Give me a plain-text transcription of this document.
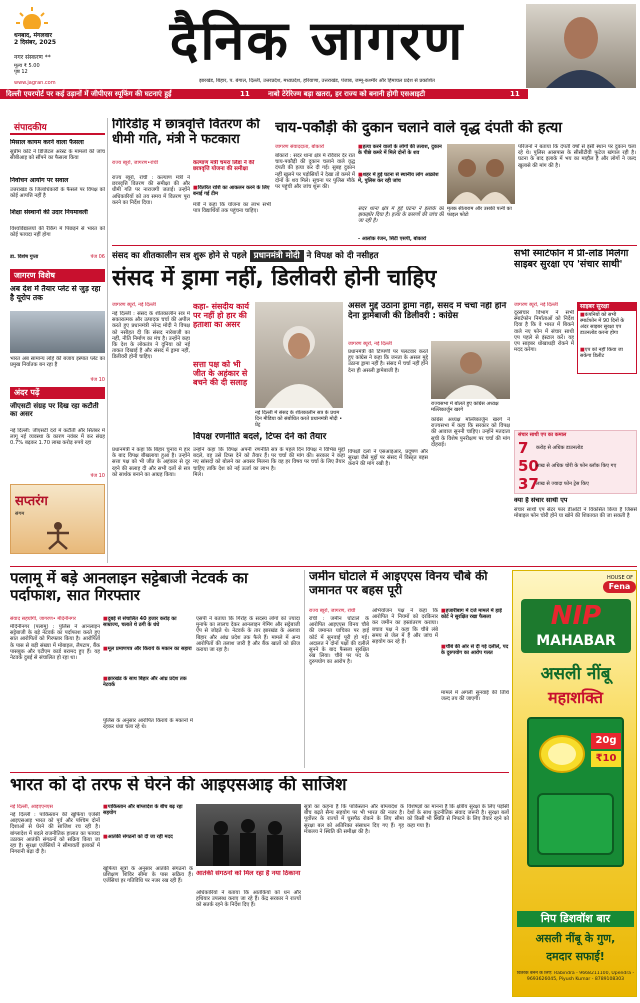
धनबाद, मंगलवार
2 दिसंबर, 2025
नगर संस्करण **
मूल्य ₹ 5.00
पृष्ठ 12
www.jagran.com
दैनिक जागरण
झारखंड, बिहार, प. बंगाल, दिल्ली, उत्तरप्रदेश, मध्यप्रदेश, हरियाणा, उत्तराखंड, पंजाब, जम्मू-कश्मीर और हिमाचल प्रदेश से प्रकाशित
दिल्ली एयरपोर्ट पर कई उड़ानों में जीपीएस स्पूफिंग की घटनाएं हुईं	11	नाबो टेरेरिज्म बड़ा खतरा, हर राज्य को बनानी होगी एसआइटी	11
संपादकीय
मिसाल कायम करने वाला फैसला
सुप्रीम कोर्ट ने डिजिटल अरेस्ट के मामलों की जांच सीबीआइ को सौंपने का फैसला किया
निर्वाचन आयोग पर सवाल
उत्तराखंड के जिलाधिकारी के फैसले पर विपक्ष को कोई आपत्ति नहीं है
शिक्षा संस्थानों की उदार नियमावली
विश्वविद्यालयों की रैंकिंग में पिछड़ने से भारत को कोई फायदा नहीं होगा
डा. विशेष गुप्ता	पेज 06
जागरण विशेष
अब देश में तैयार प्लेट से जुड़ रहा है यूरोप तक
भारत अब सामान्य लोहे की बजाय इस्पात प्लेट का प्रमुख निर्यातक बन रहा है
पेज 10
अंदर पढ़ें
जीएसटी संग्रह पर दिख रहा कटौती का असर
नई दिल्ली: जीएसटी दरों में कटौती और सितंबर में लागू नई व्यवस्था के कारण नवंबर में कर संग्रह 0.7% बढ़कर 1.70 लाख करोड़ रुपये रहा
पेज 10
सप्तरंग
संगम
गिरिडीह में छात्रवृत्ति वितरण की धीमी गति, मंत्री ने फटकारा
राज्य ब्यूरो, जागरण•रांची
राज्य ब्यूरो, रांची : कल्याण मंत्री ने छात्रवृत्ति वितरण की समीक्षा की और धीमी गति पर नाराजगी जताई। उन्होंने अधिकारियों को तय समय में वितरण पूरा करने का निर्देश दिया।
कल्याण मंत्री चमरा लिंडा ने की छात्रवृत्ति योजना की समीक्षा
■ वितरित राशि का आकलन करने के लिए बनाई गई टीम
मंत्री ने कहा कि योजना का लाभ सभी पात्र विद्यार्थियों तक पहुंचना चाहिए।
चाय-पकौड़ी की दुकान चलाने वाले वृद्ध दंपती की हत्या
जागरण संवाददाता, बोकारो
बोकारो : सदर थाना क्षेत्र में रविवार देर रात चाय-पकौड़ी की दुकान चलाने वाले वृद्ध दंपती की हत्या कर दी गई। सुबह दुकान नहीं खुलने पर पड़ोसियों ने देखा तो कमरे में दोनों के शव मिले। सूचना पर पुलिस मौके पर पहुंची और जांच शुरू की।
■ हत्या करने वालों के लोगों की तलाश, दुकान के पीछे कमरे में मिले दोनों के शव
■ शहर में हुई घटना से स्थानीय लोग आक्रोश में, पुलिस कर रही जांच
मृतक सीताराम और उसकी पत्नी का फाइल फोटो
सदर थाना क्षेत्र में हुई घटना ने इलाके को झकझोर दिया है। हत्या के कारणों की जांच की जा रही है।
- आलोक रंजन, सिटी एसपी, बोकारो
परिजनों ने बताया कि दंपती वर्षों से इसी स्थान पर दुकान चला रहे थे। पुलिस आसपास के सीसीटीवी फुटेज खंगाल रही है। घटना के बाद इलाके में भय का माहौल है और लोगों ने जल्द खुलासे की मांग की है।
संसद का शीतकालीन सत्र शुरू होने से पहले प्रधानमंत्री मोदी ने विपक्ष को दी नसीहत
संसद में ड्रामा नहीं, डिलीवरी होनी चाहिए
जागरण ब्यूरो, नई दिल्ली
नई दिल्ली : संसद के शीतकालीन सत्र में सकारात्मक और उत्पादक चर्चा की अपील करते हुए प्रधानमंत्री नरेन्द्र मोदी ने विपक्ष को नसीहत दी कि संसद नारेबाजी का नहीं, नीति निर्माण का मंच है। उन्होंने कहा कि देश के लोकतंत्र ने दुनिया को नई ताकत दिखाई है और संसद में ड्रामा नहीं, डिलीवरी होनी चाहिए।
कहा- संसदीय कार्य पर नहीं हो हार की हताशा का असर
सत्ता पक्ष को भी जीत के अहंकार से बचने की दी सलाह
नई दिल्ली में संसद के शीतकालीन सत्र के प्रथम दिन मीडिया को संबोधित करते प्रधानमंत्री मोदी • प्रेट्र
विपक्ष रणनीति बदले, टिप्स देने को तैयार
प्रधानमंत्री ने कहा कि बिहार चुनाव में हार के बाद विपक्ष बौखलाया हुआ है। उन्होंने सत्ता पक्ष को भी जीत के अहंकार से दूर रहने की सलाह दी और सभी दलों से सत्र को सार्थक बनाने का आग्रह किया।
उन्होंने कहा कि विपक्ष अपनी रणनीति बदले, वह उसे टिप्स देने को तैयार हैं। नए सांसदों को बोलने का अवसर मिलना चाहिए ताकि देश को नई ऊर्जा का लाभ मिले।
सत्र के पहले दिन विपक्ष ने विभिन्न मुद्दों पर चर्चा की मांग की। सरकार ने कहा कि वह हर विषय पर चर्चा के लिए तैयार है।
असल मुद्दे उठाना ड्रामा नहीं, संसद में चर्चा नहीं होने देना ड्रामेबाजी की डिलीवरी : कांग्रेस
जागरण ब्यूरो, नई दिल्ली
प्रधानमंत्री की टिप्पणी पर पलटवार करते हुए कांग्रेस ने कहा कि जनता के असल मुद्दे उठाना ड्रामा नहीं है। संसद में चर्चा नहीं होने देना ही असली ड्रामेबाजी है।
राज्यसभा में बोलते हुए कांग्रेस अध्यक्ष मल्लिकार्जुन खरगे
कांग्रेस अध्यक्ष मल्लिकार्जुन खरगे ने राज्यसभा में कहा कि सरकार को विपक्ष की आवाज सुननी चाहिए। उन्होंने मतदाता सूची के विशेष पुनरीक्षण पर चर्चा की मांग दोहराई।
विपक्षी दलों ने एसआइआर, प्रदूषण और सुरक्षा जैसे मुद्दों पर संसद में विस्तृत बहस कराने की मांग रखी है।
सभी स्मार्टफोन में प्री-लोड मिलेगा साइबर सुरक्षा एप 'संचार साथी'
जागरण ब्यूरो, नई दिल्ली
दूरसंचार विभाग ने सभी स्मार्टफोन निर्माताओं को निर्देश दिया है कि वे भारत में बिकने वाले नए फोन में संचार साथी एप पहले से इंस्टाल करें। यह एप साइबर धोखाधड़ी रोकने में मदद करेगा।
साइबर सुरक्षा
■ कंपनियों को सभी स्मार्टफोन में 90 दिनों के अंदर साइबर सुरक्षा एप डाउनलोड करना होगा
■ एप को नहीं किया जा सकेगा डिलीट
संचार साथी एप का कमाल
7	करोड़ से अधिक डाउनलोड
50
लाख से अधिक चोरी के फोन ब्लॉक किए गए
37
लाख से ज्यादा फोन ट्रेस किए
क्या है संचार साथी एप
संचार साथी एप सेंटर फार डीओटी ने विकसित किया है जिससे मोबाइल फोन चोरी होने या खोने की शिकायत की जा सकती है
पलामू में बड़े आनलाइन सट्टेबाजी नेटवर्क का पर्दाफाश, सात गिरफ्तार
संवाद सहयोगी, जागरण• मेदिनीनगर
मेदिनीनगर (पलामू) : पुलिस ने आनलाइन सट्टेबाजी के बड़े नेटवर्क का पर्दाफाश करते हुए सात आरोपितों को गिरफ्तार किया है। आरोपितों के पास से बड़ी संख्या में मोबाइल, लैपटाप, बैंक पासबुक और एटीएम कार्ड बरामद हुए हैं। यह नेटवर्क दुबई से संचालित हो रहा था।
■ दुबई से संचालित 40 हजार करोड़ का साम्राज्य, चलाते थे ठगी के धंधे
■ मूल प्रमाणपत्र और किराये के मकान का सहारा
■ झारखंड के साथ बिहार और आंध्र प्रदेश तक नेटवर्क
पुलिस के अनुसार आरोपित किराये के मकानों में रहकर धंधा चला रहे थे।
एसपी ने बताया कि गिरोह के सदस्य लोगों को ज्यादा मुनाफे का लालच देकर आनलाइन गेमिंग और सट्टेबाजी ऐप से जोड़ते थे। नेटवर्क के तार झारखंड के अलावा बिहार और आंध्र प्रदेश तक फैले हैं। मामले में अन्य आरोपितों की तलाश जारी है और बैंक खातों को फ्रीज कराया जा रहा है।
जमीन घोटाले में आइएएस विनय चौबे की जमानत पर बहस पूरी
राज्य ब्यूरो, जागरण, रांची
रांची : जमीन घोटाले के आरोपित आइएएस विनय चौबे की जमानत याचिका पर हाई कोर्ट में सुनवाई पूरी हो गई। अदालत ने दोनों पक्षों की दलीलें सुनने के बाद फैसला सुरक्षित रख लिया। चौबे पर पद के दुरुपयोग का आरोप है।
अभियोजन पक्ष ने कहा कि आरोपित ने नियमों को दरकिनार कर जमीन का हस्तांतरण कराया। बचाव पक्ष ने कहा कि चौबे लंबे समय से जेल में हैं और जांच में सहयोग कर रहे हैं।
■ हजारीबाग में दर्ज मामले में हाई कोर्ट ने सुरक्षित रखा फैसला
■ चौबे की ओर से दी गई दलीलें, पद के दुरुपयोग का आरोप गलत
मामले में अगली सुनवाई की तिथि जल्द तय की जाएगी।
भारत को दो तरफ से घेरने की आइएसआइ की साजिश
नई दिल्ली, आइएएनएस
नई दिल्ली : पाकिस्तान की खुफिया एजेंसी आइएसआइ भारत को पूर्व और पश्चिम दोनों दिशाओं से घेरने की साजिश रच रही है। बांग्लादेश में बदले राजनीतिक हालात का फायदा उठाकर आतंकी संगठनों को सक्रिय किया जा रहा है। सुरक्षा एजेंसियों ने सीमावर्ती इलाकों में निगरानी बढ़ा दी है।
■ पाकिस्तान और बांग्लादेश के बीच बढ़ रहा सहयोग
■ आतंकी संगठनों को दी जा रही मदद
खुफिया सूत्रों के अनुसार आतंकी संगठनों के प्रशिक्षण शिविर सीमा के पास सक्रिय हैं। एजेंसियां हर गतिविधि पर नजर रख रही हैं।
आतंकी संगठनों को मिल रहा है नया ठिकाना
अधिकारियों ने बताया कि आतंकियों को धन और हथियार उपलब्ध कराए जा रहे हैं। केंद्र सरकार ने राज्यों को सतर्क रहने के निर्देश दिए हैं।
सूत्रों का कहना है कि पाकिस्तान और बांग्लादेश के बीच बढ़ते सैन्य सहयोग पर भी भारत की नजर है। पूर्वोत्तर के राज्यों में घुसपैठ रोकने के लिए सीमा सुरक्षा बल को अतिरिक्त संसाधन दिए गए हैं। गृह मंत्रालय ने स्थिति की समीक्षा की है।
विशेषज्ञों का मानना है कि क्षेत्रीय सुरक्षा के लिए पड़ोसी देशों के साथ कूटनीतिक संवाद जरूरी है। सुरक्षा बलों को किसी भी स्थिति से निपटने के लिए तैयार रहने को कहा गया है।
HOUSE OF
Fena
NIP
MAHABAR
असली नींबू
महाशक्ति
20g
₹10
निप डिशवॉश बार
असली नींबू के गुण,
दमदार सफाई!
वितरक बनने के लिए: Rabindra - 9668211100, Upendra - 9693626045, Piyush Kumar - 8789108303
